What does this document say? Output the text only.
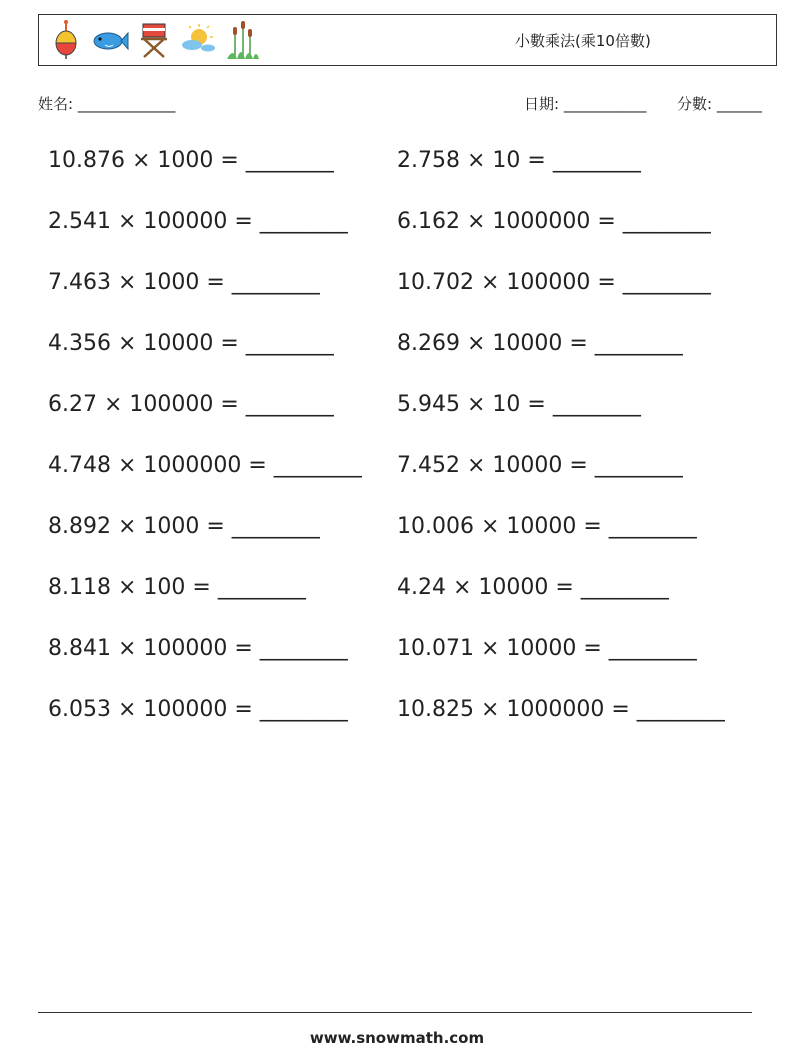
小數乘法(乘10倍數)
姓名: _____________	日期: ___________ 分數: ______
10.876 × 1000 = ________
2.541 × 100000 = ________
7.463 × 1000 = ________
4.356 × 10000 = ________
6.27 × 100000 = ________
4.748 × 1000000 = ________
8.892 × 1000 = ________
8.118 × 100 = ________
8.841 × 100000 = ________
6.053 × 100000 = ________
2.758 × 10 = ________
6.162 × 1000000 = ________
10.702 × 100000 = ________
8.269 × 10000 = ________
5.945 × 10 = ________
7.452 × 10000 = ________
10.006 × 10000 = ________
4.24 × 10000 = ________
10.071 × 10000 = ________
10.825 × 1000000 = ________
www.snowmath.com
